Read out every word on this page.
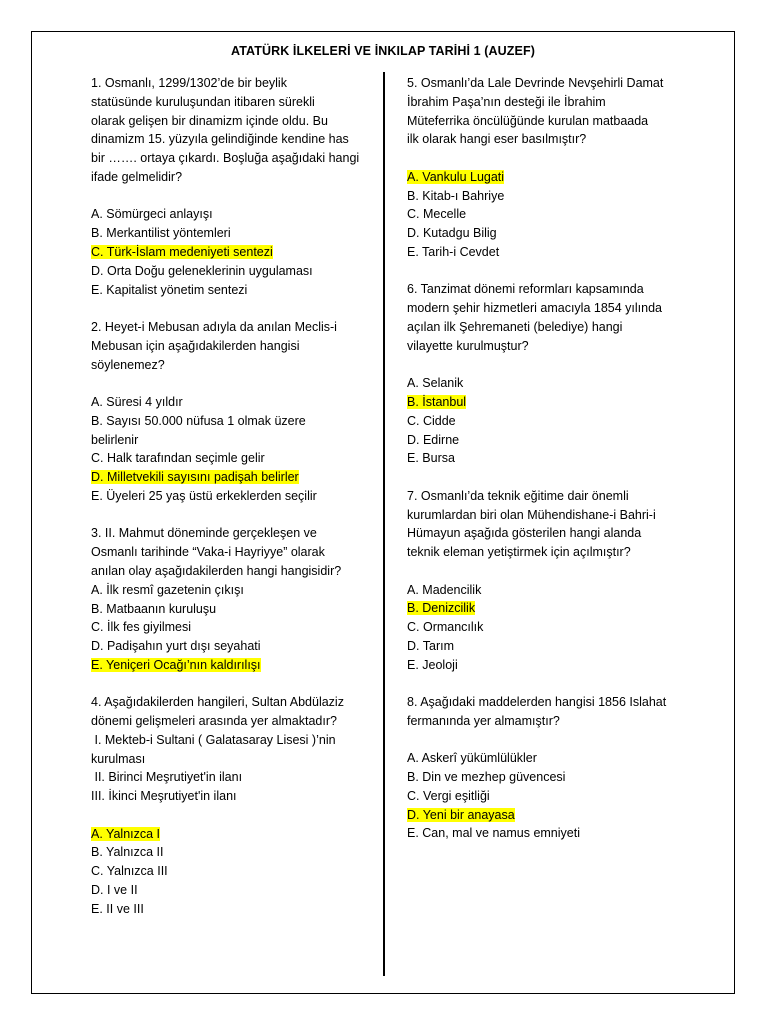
ATATÜRK İLKELERİ VE İNKILAP TARİHİ 1 (AUZEF)
1. Osmanlı, 1299/1302’de bir beylik
statüsünde kuruluşundan itibaren sürekli
olarak gelişen bir dinamizm içinde oldu. Bu
dinamizm 15. yüzyıla gelindiğinde kendine has
bir ……. ortaya çıkardı. Boşluğa aşağıdaki hangi
ifade gelmelidir?
A. Sömürgeci anlayışı
B. Merkantilist yöntemleri
C. Türk-İslam medeniyeti sentezi
D. Orta Doğu geleneklerinin uygulaması
E. Kapitalist yönetim sentezi
2. Heyet-i Mebusan adıyla da anılan Meclis-i
Mebusan için aşağıdakilerden hangisi
söylenemez?
A. Süresi 4 yıldır
B. Sayısı 50.000 nüfusa 1 olmak üzere belirlenir
C. Halk tarafından seçimle gelir
D. Milletvekili sayısını padişah belirler
E. Üyeleri 25 yaş üstü erkeklerden seçilir
3. II. Mahmut döneminde gerçekleşen ve
Osmanlı tarihinde “Vaka-i Hayriyye” olarak
anılan olay aşağıdakilerden hangi hangisidir?
A. İlk resmî gazetenin çıkışı
B. Matbaanın kuruluşu
C. İlk fes giyilmesi
D. Padişahın yurt dışı seyahati
E. Yeniçeri Ocağı’nın kaldırılışı
4. Aşağıdakilerden hangileri, Sultan Abdülaziz
dönemi gelişmeleri arasında yer almaktadır?
I. Mekteb-i Sultani ( Galatasaray Lisesi )’nin
kurulması
II. Birinci Meşrutiyet'in ilanı
III. İkinci Meşrutiyet'in ilanı
A. Yalnızca I
B. Yalnızca II
C. Yalnızca III
D. I ve II
E. II ve III
5. Osmanlı’da Lale Devrinde Nevşehirli Damat
İbrahim Paşa’nın desteği ile İbrahim
Müteferrika öncülüğünde kurulan matbaada
ilk olarak hangi eser basılmıştır?
A. Vankulu Lugati
B. Kitab-ı Bahriye
C. Mecelle
D. Kutadgu Bilig
E. Tarih-i Cevdet
6. Tanzimat dönemi reformları kapsamında
modern şehir hizmetleri amacıyla 1854 yılında
açılan ilk Şehremaneti (belediye) hangi
vilayette kurulmuştur?
A. Selanik
B. İstanbul
C. Cidde
D. Edirne
E. Bursa
7. Osmanlı’da teknik eğitime dair önemli
kurumlardan biri olan Mühendishane-i Bahri-i
Hümayun aşağıda gösterilen hangi alanda
teknik eleman yetiştirmek için açılmıştır?
A. Madencilik
B. Denizcilik
C. Ormancılık
D. Tarım
E. Jeoloji
8. Aşağıdaki maddelerden hangisi 1856 Islahat
fermanında yer almamıştır?
A. Askerî yükümlülükler
B. Din ve mezhep güvencesi
C. Vergi eşitliği
D. Yeni bir anayasa
E. Can, mal ve namus emniyeti
